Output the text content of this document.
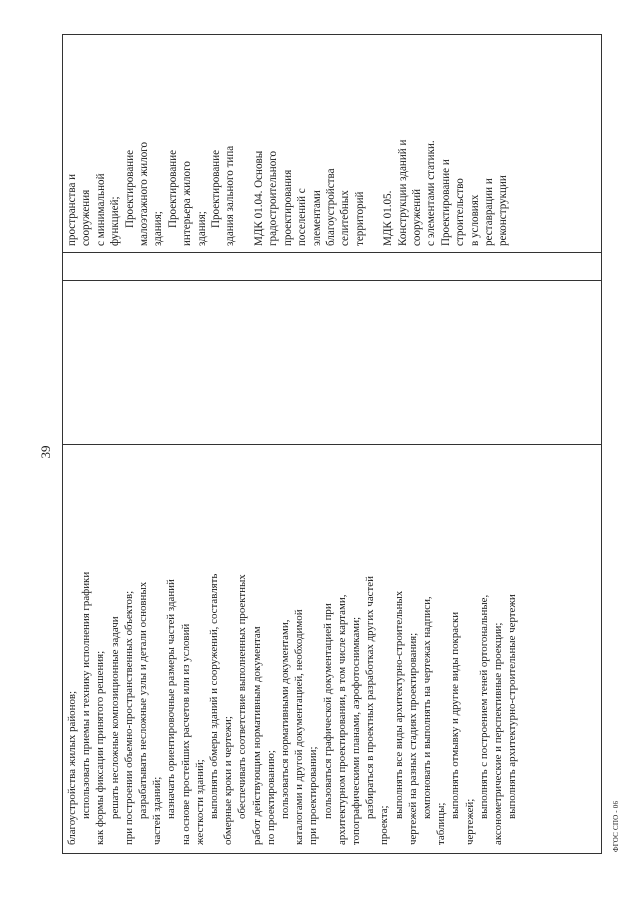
39
благоустройства жилых районов; использовать приемы и технику исполнения графики как формы фиксации принятого решения; решать несложные композиционные задачи при построении объемно-пространственных объектов; разрабатывать несложные узлы и детали основных частей зданий; назначать ориентировочные размеры частей зданий на основе простейших расчетов или из условий жесткости зданий; выполнять обмеры зданий и сооружений, составлять обмерные кроки и чертежи; обеспечивать соответствие выполненных проектных работ действующим нормативным документам по проектированию; пользоваться нормативными документами, каталогами и другой документацией, необходимой при проектировании; пользоваться графической документацией при архитектурном проектировании, в том числе картами, топографическими планами, аэрофотоснимками; разбираться в проектных разработках других частей
проекта;
выполнять все виды архитектурно-строительных чертежей на разных стадиях проектирования; компоновать и выполнять на чертежах надписи,
таблицы;
выполнять отмывку и другие виды покраски
чертежей;
выполнять с построением теней ортогональные, аксонометрические и перспективные проекции; выполнять архитектурно-строительные чертежи
пространства и сооружения с минимальной функцией; Проектирование малоэтажного жилого здания;
Проектирование интерьера жилого здания;
Проектирование здания зального типа МДК 01.04. Основы градостроительного проектирования поселений с элементами благоустройства селитебных территорий МДК 01.05. Конструкции зданий и сооружений с элементами статики. Проектирование и строительство в условиях реставрации и реконструкции
ФГОС СПО - 06
